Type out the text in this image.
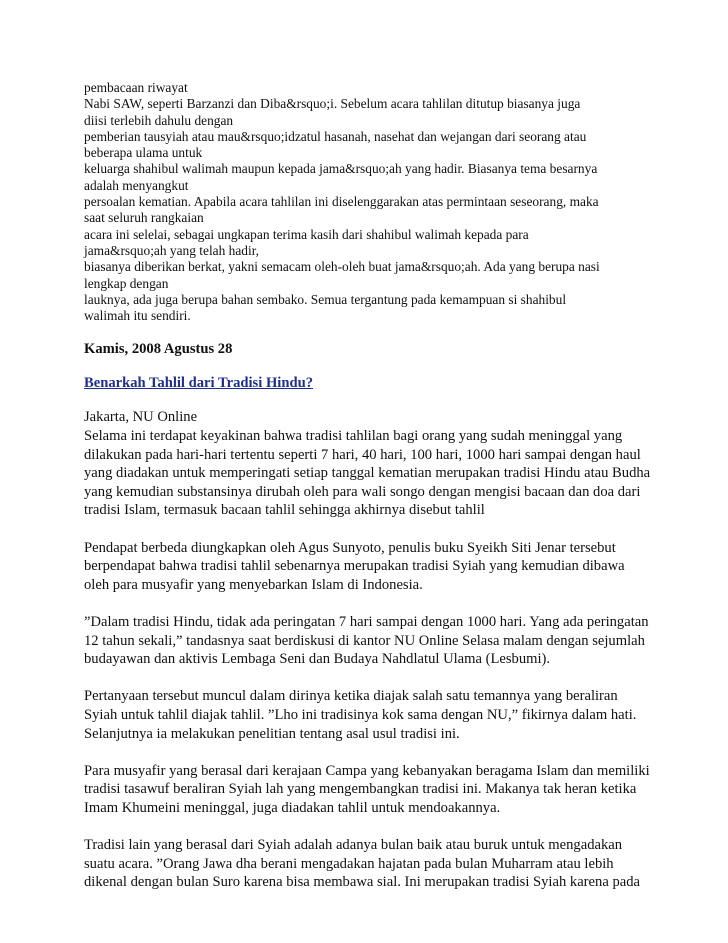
pembacaan riwayat
Nabi SAW, seperti Barzanzi dan Diba&rsquo;i. Sebelum acara tahlilan ditutup biasanya juga
diisi terlebih dahulu dengan
pemberian tausyiah atau mau&rsquo;idzatul hasanah, nasehat dan wejangan dari seorang atau
beberapa ulama untuk
keluarga shahibul walimah maupun kepada jama&rsquo;ah yang hadir. Biasanya tema besarnya
adalah menyangkut
persoalan kematian. Apabila acara tahlilan ini diselenggarakan atas permintaan seseorang, maka
saat seluruh rangkaian
acara ini selelai, sebagai ungkapan terima kasih dari shahibul walimah kepada para
jama&rsquo;ah yang telah hadir,
biasanya diberikan berkat, yakni semacam oleh-oleh buat jama&rsquo;ah. Ada yang berupa nasi
lengkap dengan
lauknya, ada juga berupa bahan sembako. Semua tergantung pada kemampuan si shahibul
walimah itu sendiri.
Kamis, 2008 Agustus 28
Benarkah Tahlil dari Tradisi Hindu?
Jakarta, NU Online
Selama ini terdapat keyakinan bahwa tradisi tahlilan bagi orang yang sudah meninggal yang
dilakukan pada hari-hari tertentu seperti 7 hari, 40 hari, 100 hari, 1000 hari sampai dengan haul
yang diadakan untuk memperingati setiap tanggal kematian merupakan tradisi Hindu atau Budha
yang kemudian substansinya dirubah oleh para wali songo dengan mengisi bacaan dan doa dari
tradisi Islam, termasuk bacaan tahlil sehingga akhirnya disebut tahlil
Pendapat berbeda diungkapkan oleh Agus Sunyoto, penulis buku Syeikh Siti Jenar tersebut
berpendapat bahwa tradisi tahlil sebenarnya merupakan tradisi Syiah yang kemudian dibawa
oleh para musyafir yang menyebarkan Islam di Indonesia.
”Dalam tradisi Hindu, tidak ada peringatan 7 hari sampai dengan 1000 hari. Yang ada peringatan
12 tahun sekali,” tandasnya saat berdiskusi di kantor NU Online Selasa malam dengan sejumlah
budayawan dan aktivis Lembaga Seni dan Budaya Nahdlatul Ulama (Lesbumi).
Pertanyaan tersebut muncul dalam dirinya ketika diajak salah satu temannya yang beraliran
Syiah untuk tahlil diajak tahlil. ”Lho ini tradisinya kok sama dengan NU,” fikirnya dalam hati.
Selanjutnya ia melakukan penelitian tentang asal usul tradisi ini.
Para musyafir yang berasal dari kerajaan Campa yang kebanyakan beragama Islam dan memiliki
tradisi tasawuf beraliran Syiah lah yang mengembangkan tradisi ini. Makanya tak heran ketika
Imam Khumeini meninggal, juga diadakan tahlil untuk mendoakannya.
Tradisi lain yang berasal dari Syiah adalah adanya bulan baik atau buruk untuk mengadakan
suatu acara. ”Orang Jawa dha berani mengadakan hajatan pada bulan Muharram atau lebih
dikenal dengan bulan Suro karena bisa membawa sial. Ini merupakan tradisi Syiah karena pada
